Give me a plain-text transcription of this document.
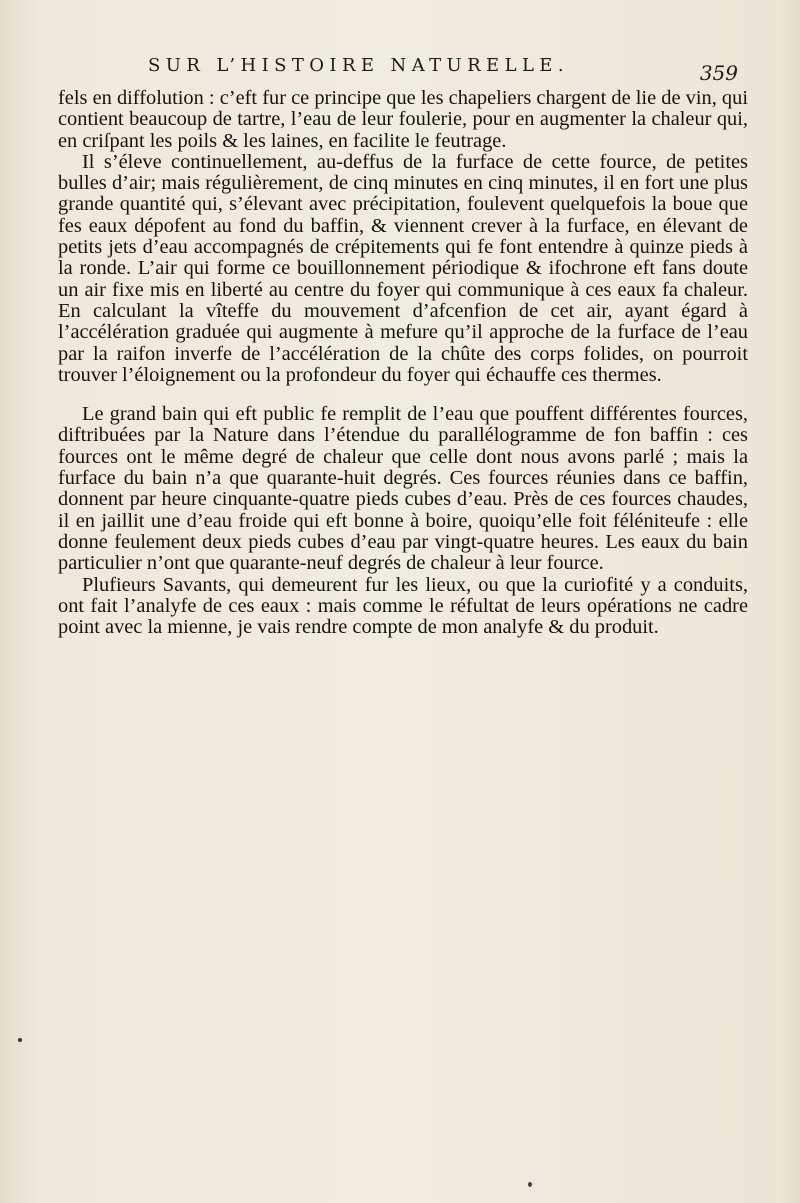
SUR L’HISTOIRE NATURELLE.	359

fels en diffolution : c’eft fur ce principe que les chapeliers chargent de lie de vin, qui contient beaucoup de tartre, l’eau de leur foulerie, pour en augmenter la chaleur qui, en criſpant les poils & les laines, en facilite le feutrage.

Il s’éleve continuellement, au-deffus de la furface de cette fource, de petites bulles d’air; mais régulièrement, de cinq minutes en cinq minutes, il en fort une plus grande quantité qui, s’élevant avec précipitation, foulevent quelquefois la boue que fes eaux dépofent au fond du baffin, & viennent crever à la furface, en élevant de petits jets d’eau accompagnés de crépitements qui fe font entendre à quinze pieds à la ronde. L’air qui forme ce bouillonnement périodique & ifochrone eft fans doute un air fixe mis en liberté au centre du foyer qui communique à ces eaux fa chaleur. En calculant la vîteffe du mouvement d’afcenfion de cet air, ayant égard à l’accélération graduée qui augmente à mefure qu’il approche de la furface de l’eau par la raifon inverfe de l’accélération de la chûte des corps folides, on pourroit trouver l’éloignement ou la profondeur du foyer qui échauffe ces thermes.

Le grand bain qui eft public fe remplit de l’eau que pouffent différentes fources, diftribuées par la Nature dans l’étendue du parallélogramme de fon baffin : ces fources ont le même degré de chaleur que celle dont nous avons parlé ; mais la furface du bain n’a que quarante-huit degrés. Ces fources réunies dans ce baffin, donnent par heure cinquante-quatre pieds cubes d’eau. Près de ces fources chaudes, il en jaillit une d’eau froide qui eft bonne à boire, quoiqu’elle foit féléniteufe : elle donne feulement deux pieds cubes d’eau par vingt-quatre heures. Les eaux du bain particulier n’ont que quarante-neuf degrés de chaleur à leur fource.

Plufieurs Savants, qui demeurent fur les lieux, ou que la curiofité y a conduits, ont fait l’analyfe de ces eaux : mais comme le réfultat de leurs opérations ne cadre point avec la mienne, je vais rendre compte de mon analyfe & du produit.
